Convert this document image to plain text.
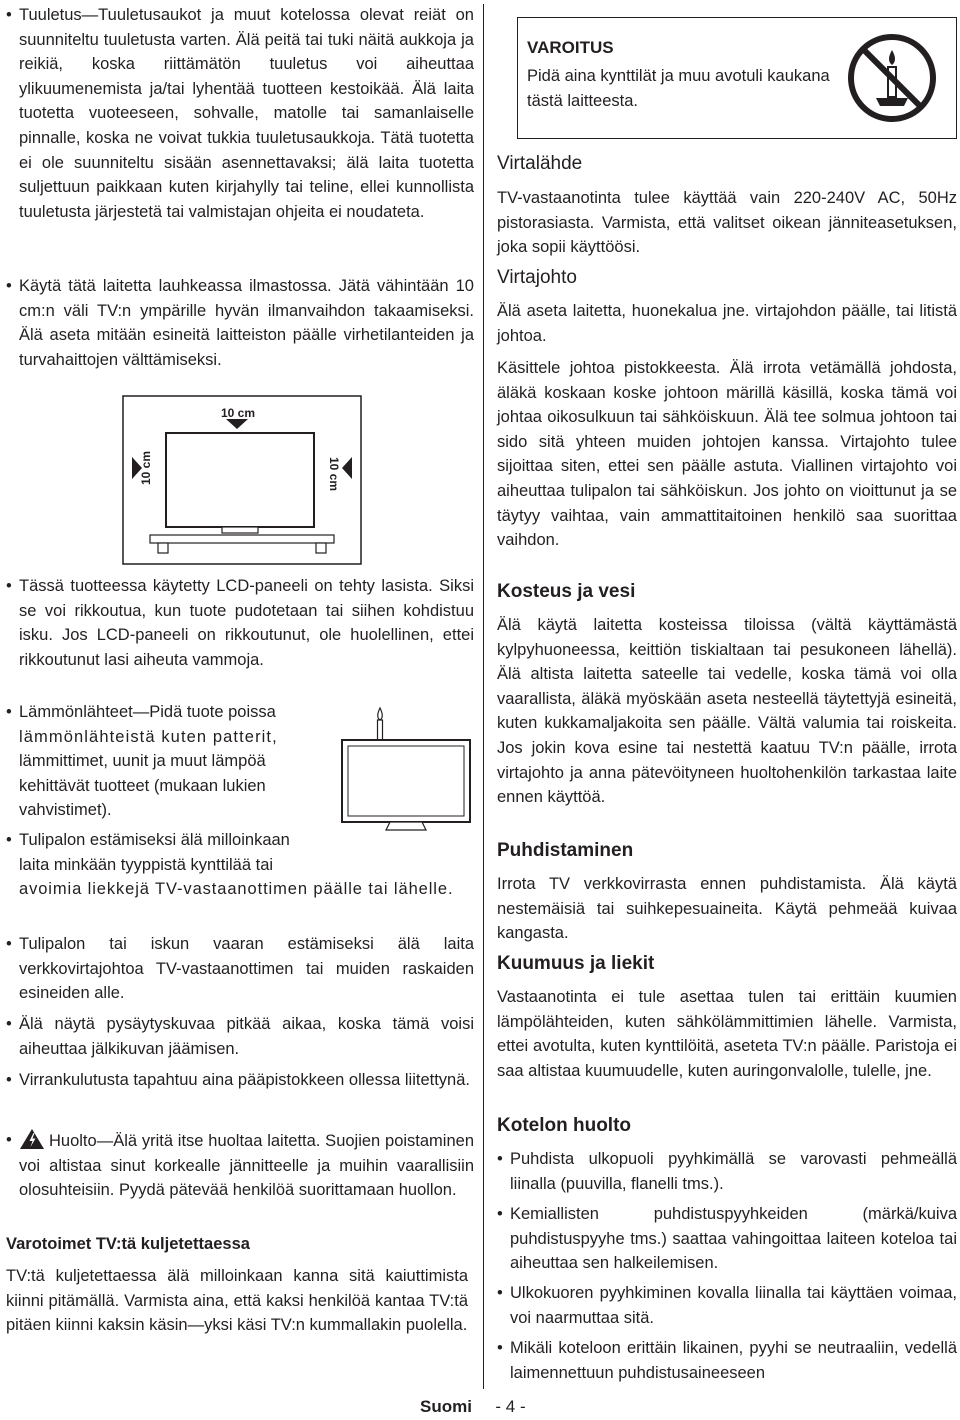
• Tuuletus—Tuuletusaukot ja muut kotelossa olevat reiät on suunniteltu tuuletusta varten. Älä peitä tai tuki näitä aukkoja ja reikiä, koska riittämätön tuuletus voi aiheuttaa ylikuumenemista ja/tai lyhentää tuotteen kestoikää. Älä laita tuotetta vuoteeseen, sohvalle, matolle tai samanlaiselle pinnalle, koska ne voivat tukkia tuuletusaukkoja. Tätä tuotetta ei ole suunniteltu sisään asennettavaksi; älä laita tuotetta suljettuun paikkaan kuten kirjahylly tai teline, ellei kunnollista tuuletusta järjestetä tai valmistajan ohjeita ei noudateta.

• Käytä tätä laitetta lauhkeassa ilmastossa. Jätä vähintään 10 cm:n väli TV:n ympärille hyvän ilmanvaihdon takaamiseksi. Älä aseta mitään esineitä laitteiston päälle virhetilanteiden ja turvahaittojen välttämiseksi.

10 cm
10 cm	10 cm

• Tässä tuotteessa käytetty LCD-paneeli on tehty lasista. Siksi se voi rikkoutua, kun tuote pudotetaan tai siihen kohdistuu isku. Jos LCD-paneeli on rikkoutunut, ole huolellinen, ettei rikkoutunut lasi aiheuta vammoja.

• Lämmönlähteet—Pidä tuote poissa
lämmönlähteistä kuten patterit,
lämmittimet, uunit ja muut lämpöä
kehittävät tuotteet (mukaan lukien
vahvistimet).
• Tulipalon estämiseksi älä milloinkaan
laita minkään tyyppistä kynttilää tai
avoimia liekkejä TV-vastaanottimen päälle tai lähelle.

• Tulipalon tai iskun vaaran estämiseksi älä laita verkkovirtajohtoa TV-vastaanottimen tai muiden raskaiden esineiden alle.

• Älä näytä pysäytyskuvaa pitkää aikaa, koska tämä voisi aiheuttaa jälkikuvan jäämisen.

• Virrankulutusta tapahtuu aina pääpistokkeen ollessa liitettynä.

• Huolto—Älä yritä itse huoltaa laitetta. Suojien poistaminen voi altistaa sinut korkealle jännitteelle ja muihin vaarallisiin olosuhteisiin. Pyydä pätevää henkilöä suorittamaan huollon.

Varotoimet TV:tä kuljetettaessa

TV:tä kuljetettaessa älä milloinkaan kanna sitä kaiuttimista kiinni pitämällä. Varmista aina, että kaksi henkilöä kantaa TV:tä pitäen kiinni kaksin käsin—yksi käsi TV:n kummallakin puolella.

VAROITUS
Pidä aina kynttilät ja muu avotuli kaukana tästä laitteesta.

Virtalähde

TV-vastaanotinta tulee käyttää vain 220-240V AC, 50Hz pistorasiasta. Varmista, että valitset oikean jänniteasetuksen, joka sopii käyttöösi.

Virtajohto

Älä aseta laitetta, huonekalua jne. virtajohdon päälle, tai litistä johtoa.

Käsittele johtoa pistokkeesta. Älä irrota vetämällä johdosta, äläkä koskaan koske johtoon märillä käsillä, koska tämä voi johtaa oikosulkuun tai sähköiskuun. Älä tee solmua johtoon tai sido sitä yhteen muiden johtojen kanssa. Virtajohto tulee sijoittaa siten, ettei sen päälle astuta. Viallinen virtajohto voi aiheuttaa tulipalon tai sähköiskun. Jos johto on vioittunut ja se täytyy vaihtaa, vain ammattitaitoinen henkilö saa suorittaa vaihdon.

Kosteus ja vesi

Älä käytä laitetta kosteissa tiloissa (vältä käyttämästä kylpyhuoneessa, keittiön tiskialtaan tai pesukoneen lähellä). Älä altista laitetta sateelle tai vedelle, koska tämä voi olla vaarallista, äläkä myöskään aseta nesteellä täytettyjä esineitä, kuten kukkamaljakoita sen päälle. Vältä valumia tai roiskeita. Jos jokin kova esine tai nestettä kaatuu TV:n päälle, irrota virtajohto ja anna pätevöityneen huoltohenkilön tarkastaa laite ennen käyttöä.

Puhdistaminen

Irrota TV verkkovirrasta ennen puhdistamista. Älä käytä nestemäisiä tai suihkepesuaineita. Käytä pehmeää kuivaa kangasta.

Kuumuus ja liekit

Vastaanotinta ei tule asettaa tulen tai erittäin kuumien lämpölähteiden, kuten sähkölämmittimien lähelle. Varmista, ettei avotulta, kuten kynttilöitä, aseteta TV:n päälle. Paristoja ei saa altistaa kuumuudelle, kuten auringonvalolle, tulelle, jne.

Kotelon huolto

• Puhdista ulkopuoli pyyhkimällä se varovasti pehmeällä liinalla (puuvilla, flanelli tms.).

• Kemiallisten puhdistuspyyhkeiden (märkä/kuiva puhdistuspyyhe tms.) saattaa vahingoittaa laiteen koteloa tai aiheuttaa sen halkeilemisen.

• Ulkokuoren pyyhkiminen kovalla liinalla tai käyttäen voimaa, voi naarmuttaa sitä.

• Mikäli koteloon erittäin likainen, pyyhi se neutraaliin, vedellä laimennettuun puhdistusaineeseen

Suomi - 4 -
